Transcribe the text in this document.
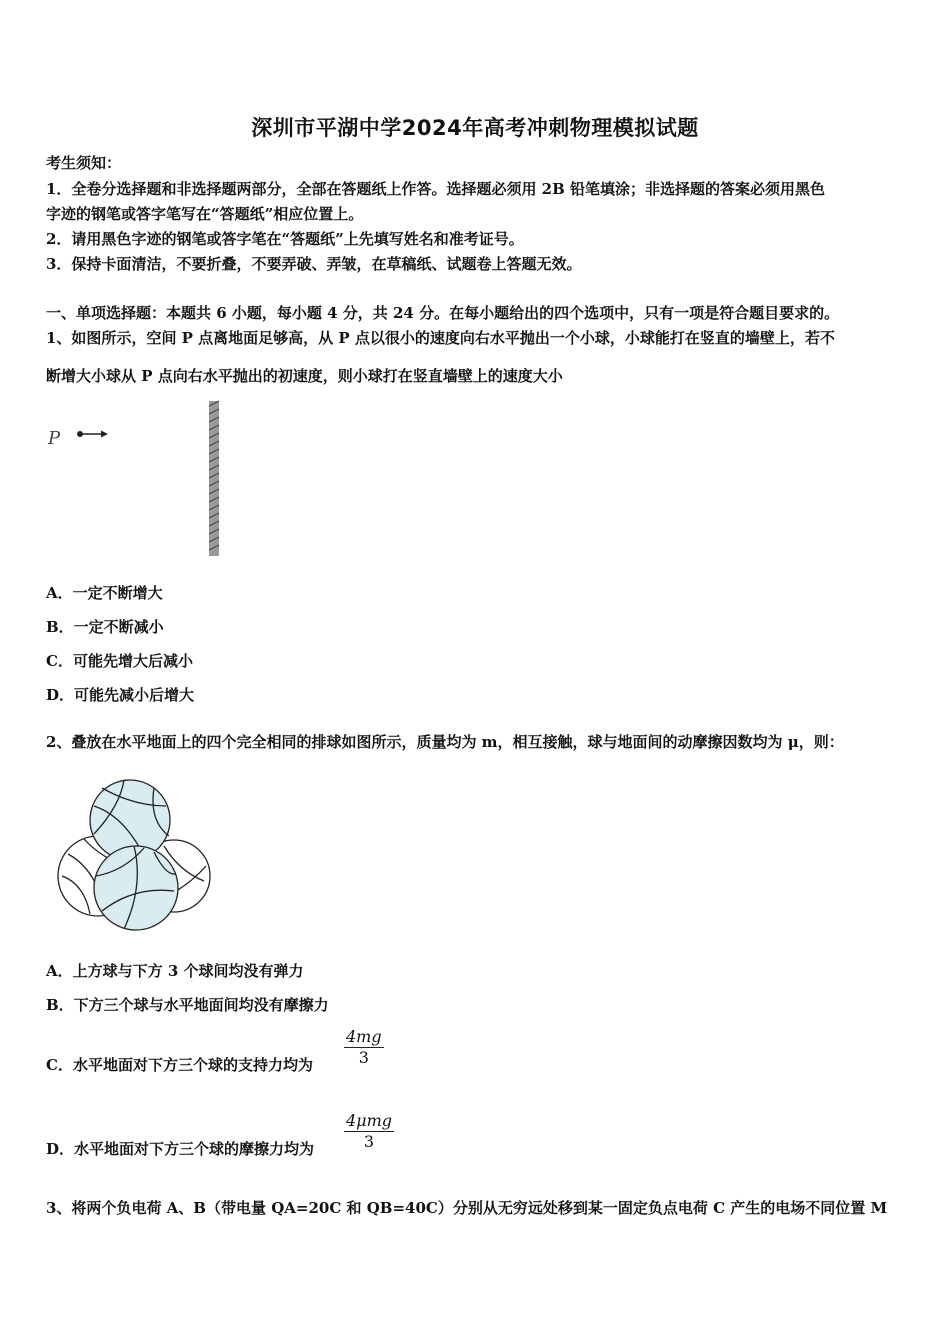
深圳市平湖中学2024年高考冲刺物理模拟试题
考生须知：
1．全卷分选择题和非选择题两部分，全部在答题纸上作答。选择题必须用 2B 铅笔填涂；非选择题的答案必须用黑色
字迹的钢笔或答字笔写在“答题纸”相应位置上。
2．请用黑色字迹的钢笔或答字笔在“答题纸”上先填写姓名和准考证号。
3．保持卡面清洁，不要折叠，不要弄破、弄皱，在草稿纸、试题卷上答题无效。
一、单项选择题：本题共 6 小题，每小题 4 分，共 24 分。在每小题给出的四个选项中，只有一项是符合题目要求的。
1、如图所示，空间 P 点离地面足够高，从 P 点以很小的速度向右水平抛出一个小球，小球能打在竖直的墙壁上，若不
断增大小球从 P 点向右水平抛出的初速度，则小球打在竖直墙壁上的速度大小
P
A．一定不断增大
B．一定不断减小
C．可能先增大后减小
D．可能先减小后增大
2、叠放在水平地面上的四个完全相同的排球如图所示，质量均为 m，相互接触，球与地面间的动摩擦因数均为 μ，则：
A．上方球与下方 3 个球间均没有弹力
B．下方三个球与水平地面间均没有摩擦力
C．水平地面对下方三个球的支持力均为
4mg
3
D．水平地面对下方三个球的摩擦力均为
4μmg
3
3、将两个负电荷 A、B（带电量 QA=20C 和 QB=40C）分别从无穷远处移到某一固定负点电荷 C 产生的电场不同位置 M
